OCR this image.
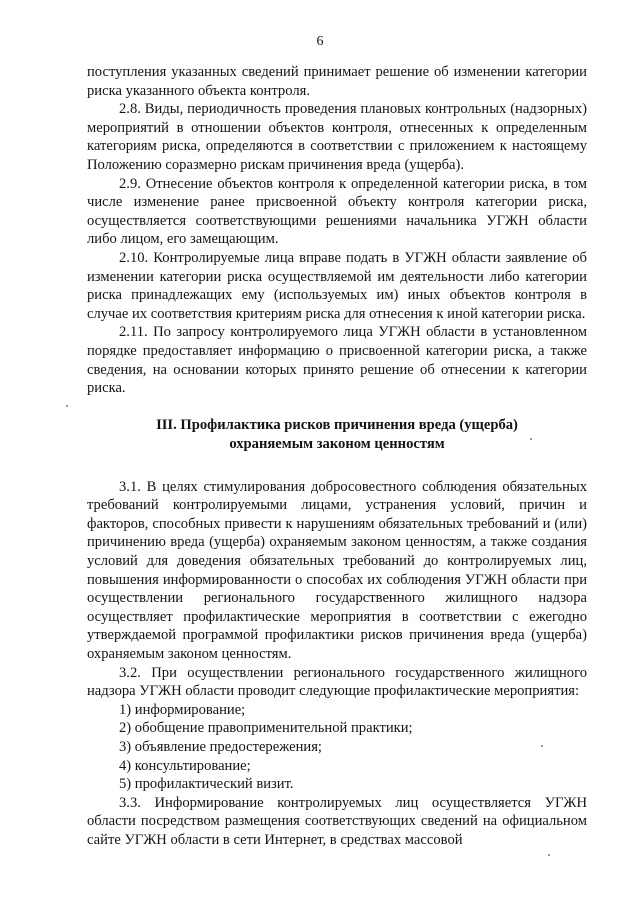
6

поступления указанных сведений принимает решение об изменении категории риска указанного объекта контроля.

2.8. Виды, периодичность проведения плановых контрольных (надзорных) мероприятий в отношении объектов контроля, отнесенных к определенным категориям риска, определяются в соответствии с приложением к настоящему Положению соразмерно рискам причинения вреда (ущерба).

2.9. Отнесение объектов контроля к определенной категории риска, в том числе изменение ранее присвоенной объекту контроля категории риска, осуществляется соответствующими решениями начальника УГЖН области либо лицом, его замещающим.

2.10. Контролируемые лица вправе подать в УГЖН области заявление об изменении категории риска осуществляемой им деятельности либо категории риска принадлежащих ему (используемых им) иных объектов контроля в случае их соответствия критериям риска для отнесения к иной категории риска.

2.11. По запросу контролируемого лица УГЖН области в установленном порядке предоставляет информацию о присвоенной категории риска, а также сведения, на основании которых принято решение об отнесении к категории риска.

III. Профилактика рисков причинения вреда (ущерба)
охраняемым законом ценностям

3.1. В целях стимулирования добросовестного соблюдения обязательных требований контролируемыми лицами, устранения условий, причин и факторов, способных привести к нарушениям обязательных требований и (или) причинению вреда (ущерба) охраняемым законом ценностям, а также создания условий для доведения обязательных требований до контролируемых лиц, повышения информированности о способах их соблюдения УГЖН области при осуществлении регионального государственного жилищного надзора осуществляет профилактические мероприятия в соответствии с ежегодно утверждаемой программой профилактики рисков причинения вреда (ущерба) охраняемым законом ценностям.

3.2. При осуществлении регионального государственного жилищного надзора УГЖН области проводит следующие профилактические мероприятия:

1) информирование;

2) обобщение правоприменительной практики;

3) объявление предостережения;

4) консультирование;

5) профилактический визит.

3.3. Информирование контролируемых лиц осуществляется УГЖН области посредством размещения соответствующих сведений на официальном сайте УГЖН области в сети Интернет, в средствах массовой
